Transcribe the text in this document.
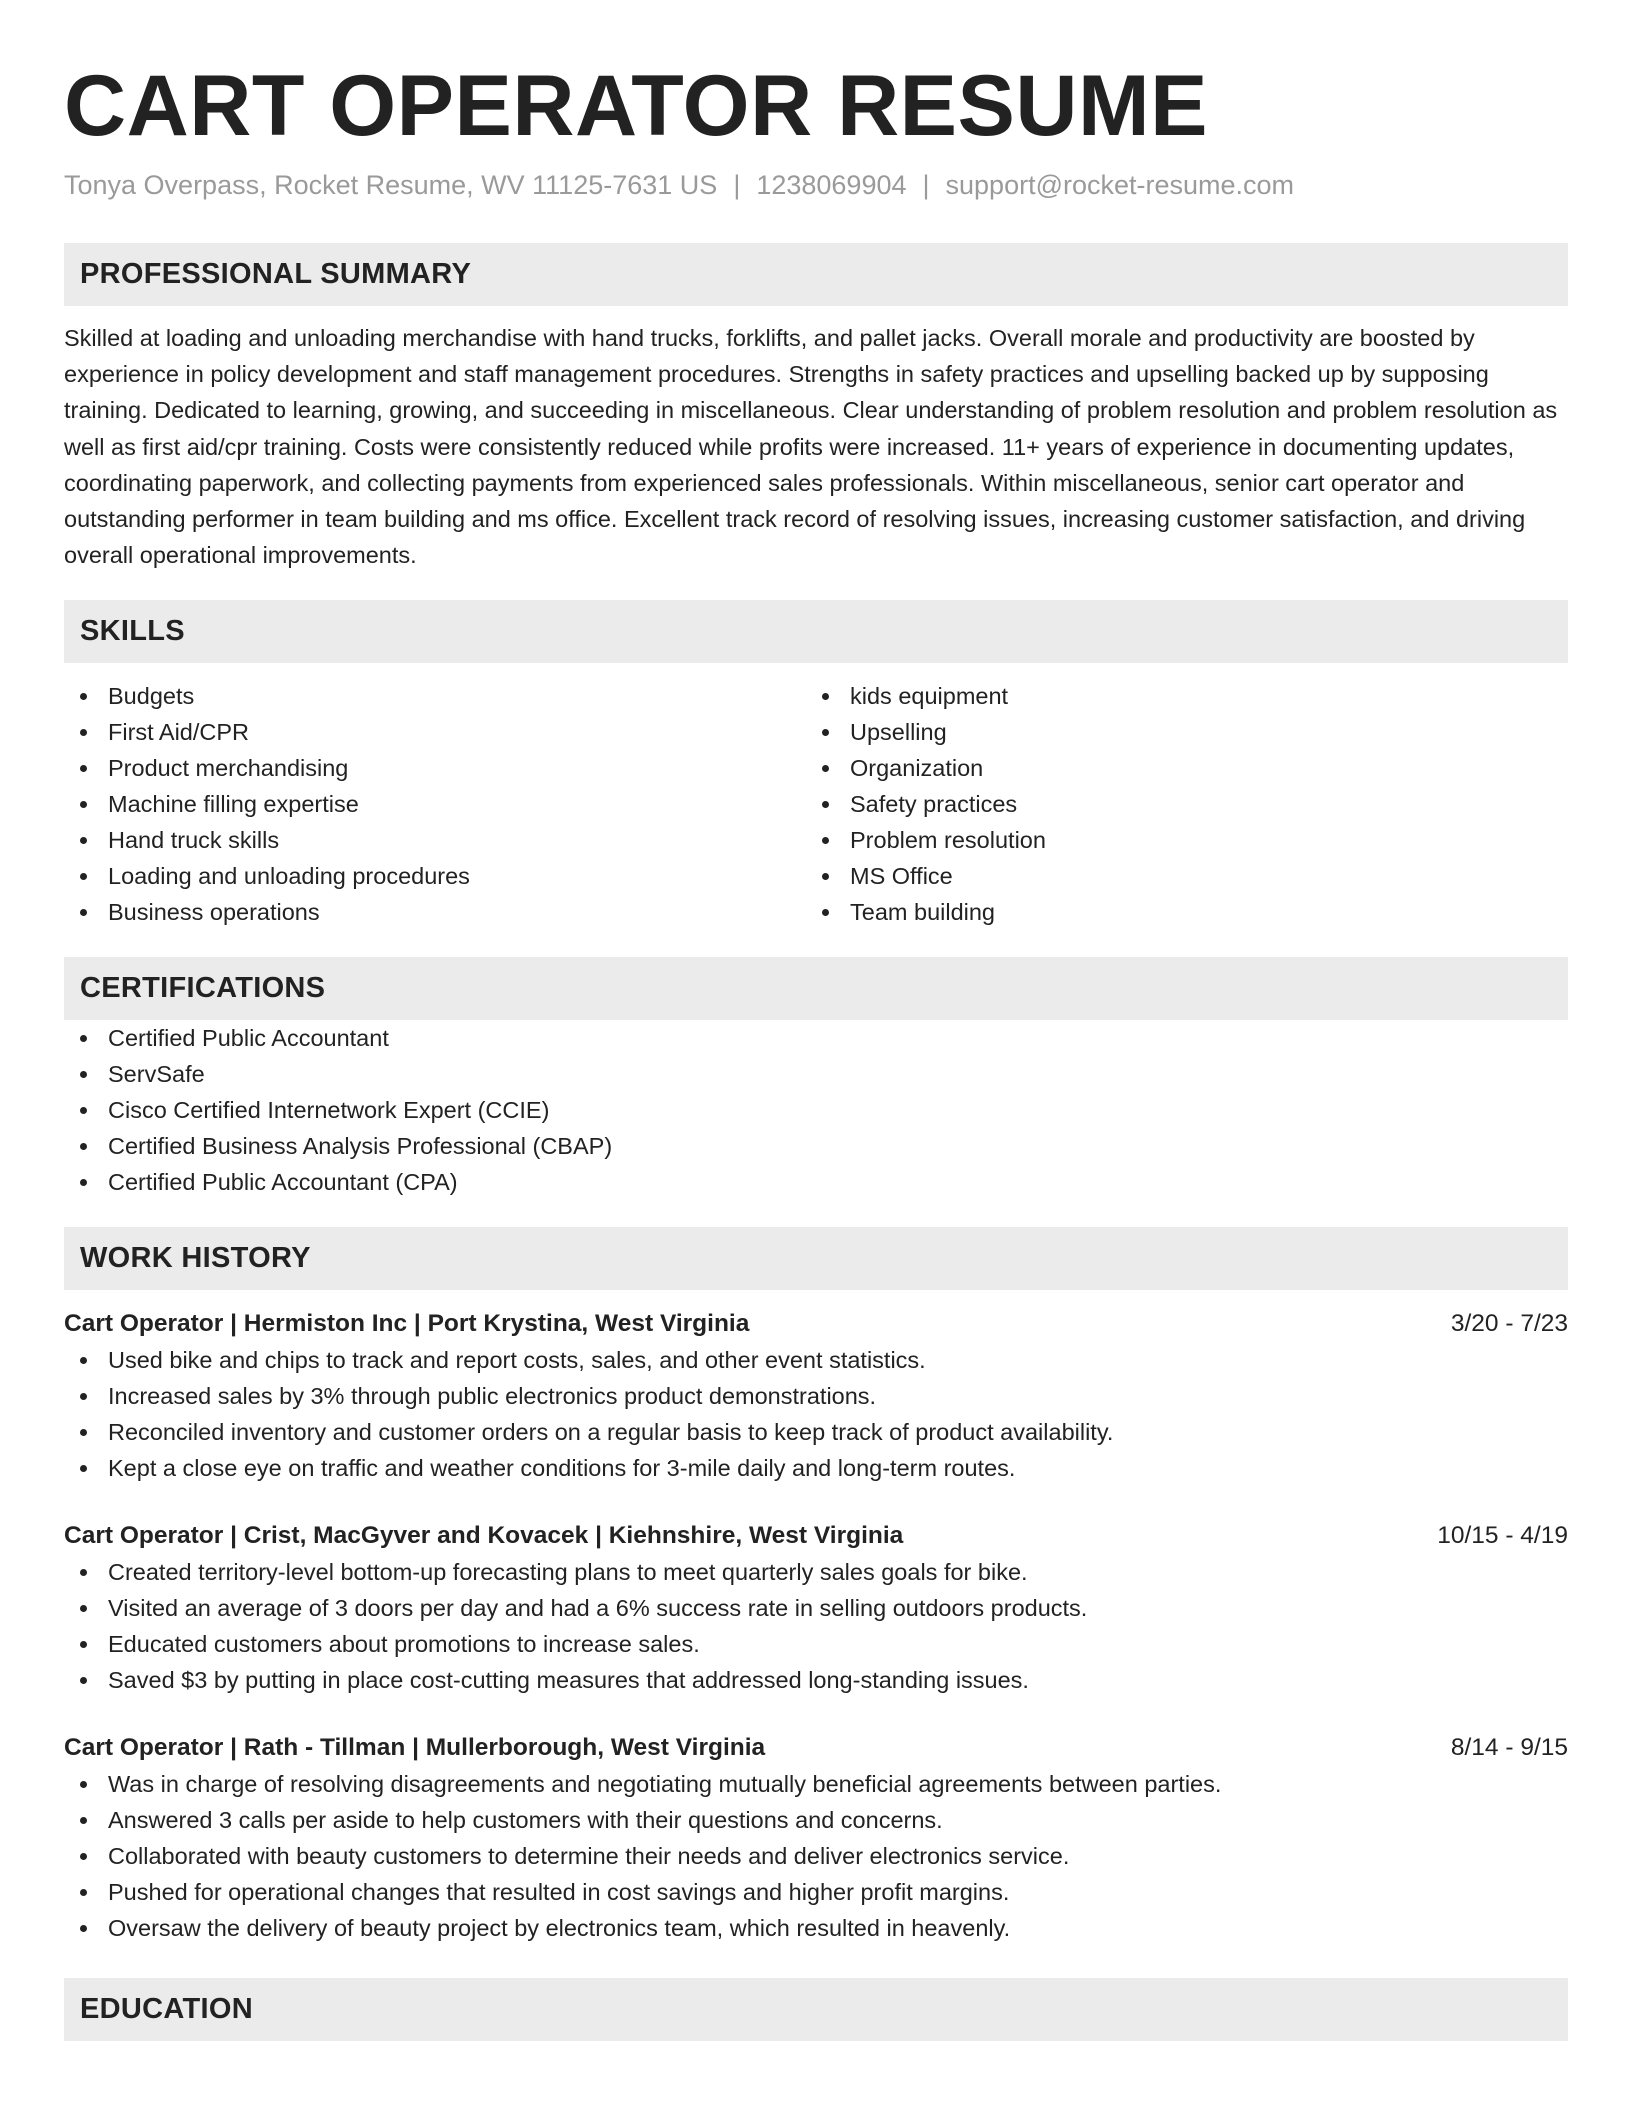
CART OPERATOR RESUME
Tonya Overpass, Rocket Resume, WV 11125-7631 US | 1238069904 | support@rocket-resume.com
PROFESSIONAL SUMMARY

Skilled at loading and unloading merchandise with hand trucks, forklifts, and pallet jacks. Overall morale and productivity are boosted by experience in policy development and staff management procedures. Strengths in safety practices and upselling backed up by supposing training. Dedicated to learning, growing, and succeeding in miscellaneous. Clear understanding of problem resolution and problem resolution as well as first aid/cpr training. Costs were consistently reduced while profits were increased. 11+ years of experience in documenting updates, coordinating paperwork, and collecting payments from experienced sales professionals. Within miscellaneous, senior cart operator and outstanding performer in team building and ms office. Excellent track record of resolving issues, increasing customer satisfaction, and driving overall operational improvements.

SKILLS
Budgets
First Aid/CPR
Product merchandising
Machine filling expertise
Hand truck skills
Loading and unloading procedures
Business operations
kids equipment
Upselling
Organization
Safety practices
Problem resolution
MS Office
Team building
CERTIFICATIONS
Certified Public Accountant
ServSafe
Cisco Certified Internetwork Expert (CCIE)
Certified Business Analysis Professional (CBAP)
Certified Public Accountant (CPA)
WORK HISTORY
Cart Operator | Hermiston Inc | Port Krystina, West Virginia	3/20 - 7/23
Used bike and chips to track and report costs, sales, and other event statistics.
Increased sales by 3% through public electronics product demonstrations.
Reconciled inventory and customer orders on a regular basis to keep track of product availability.
Kept a close eye on traffic and weather conditions for 3-mile daily and long-term routes.
Cart Operator | Crist, MacGyver and Kovacek | Kiehnshire, West Virginia	10/15 - 4/19
Created territory-level bottom-up forecasting plans to meet quarterly sales goals for bike.
Visited an average of 3 doors per day and had a 6% success rate in selling outdoors products.
Educated customers about promotions to increase sales.
Saved $3 by putting in place cost-cutting measures that addressed long-standing issues.
Cart Operator | Rath - Tillman | Mullerborough, West Virginia	8/14 - 9/15
Was in charge of resolving disagreements and negotiating mutually beneficial agreements between parties.
Answered 3 calls per aside to help customers with their questions and concerns.
Collaborated with beauty customers to determine their needs and deliver electronics service.
Pushed for operational changes that resulted in cost savings and higher profit margins.
Oversaw the delivery of beauty project by electronics team, which resulted in heavenly.
EDUCATION
